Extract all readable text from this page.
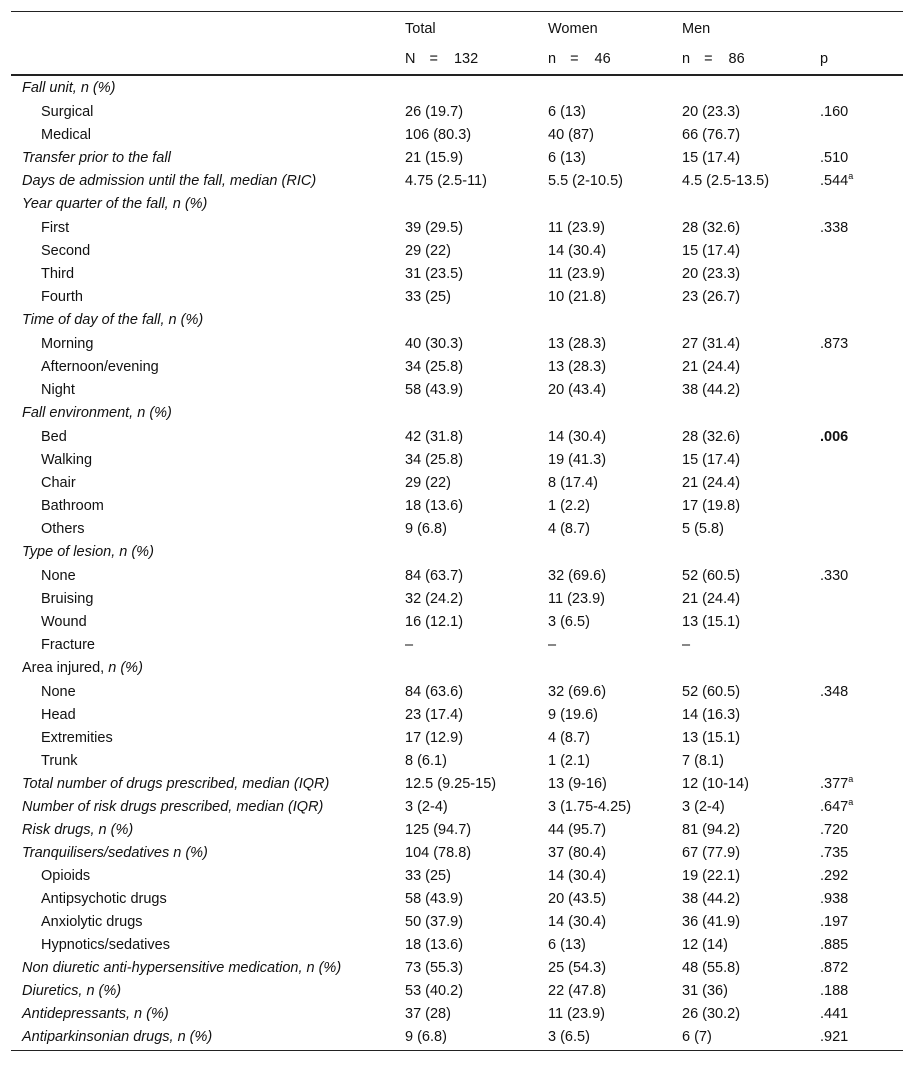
	Total	Women	Men	
	N = 132	n = 46	n = 86	p
Fall unit, n (%)				
Surgical	26 (19.7)	6 (13)	20 (23.3)	.160
Medical	106 (80.3)	40 (87)	66 (76.7)	
Transfer prior to the fall	21 (15.9)	6 (13)	15 (17.4)	.510
Days de admission until the fall, median (RIC)	4.75 (2.5-11)	5.5 (2-10.5)	4.5 (2.5-13.5)	.544$^a$
Year quarter of the fall, n (%)				
First	39 (29.5)	11 (23.9)	28 (32.6)	.338
Second	29 (22)	14 (30.4)	15 (17.4)	
Third	31 (23.5)	11 (23.9)	20 (23.3)	
Fourth	33 (25)	10 (21.8)	23 (26.7)	
Time of day of the fall, n (%)				
Morning	40 (30.3)	13 (28.3)	27 (31.4)	.873
Afternoon/evening	34 (25.8)	13 (28.3)	21 (24.4)	
Night	58 (43.9)	20 (43.4)	38 (44.2)	
Fall environment, n (%)				
Bed	42 (31.8)	14 (30.4)	28 (32.6)	.006
Walking	34 (25.8)	19 (41.3)	15 (17.4)	
Chair	29 (22)	8 (17.4)	21 (24.4)	
Bathroom	18 (13.6)	1 (2.2)	17 (19.8)	
Others	9 (6.8)	4 (8.7)	5 (5.8)	
Type of lesion, n (%)				
None	84 (63.7)	32 (69.6)	52 (60.5)	.330
Bruising	32 (24.2)	11 (23.9)	21 (24.4)	
Wound	16 (12.1)	3 (6.5)	13 (15.1)	
Fracture	–	–	–	
Area injured, n (%)				
None	84 (63.6)	32 (69.6)	52 (60.5)	.348
Head	23 (17.4)	9 (19.6)	14 (16.3)	
Extremities	17 (12.9)	4 (8.7)	13 (15.1)	
Trunk	8 (6.1)	1 (2.1)	7 (8.1)	
Total number of drugs prescribed, median (IQR)	12.5 (9.25-15)	13 (9-16)	12 (10-14)	.377$^a$
Number of risk drugs prescribed, median (IQR)	3 (2-4)	3 (1.75-4.25)	3 (2-4)	.647$^a$
Risk drugs, n (%)	125 (94.7)	44 (95.7)	81 (94.2)	.720
Tranquilisers/sedatives n (%)	104 (78.8)	37 (80.4)	67 (77.9)	.735
Opioids	33 (25)	14 (30.4)	19 (22.1)	.292
Antipsychotic drugs	58 (43.9)	20 (43.5)	38 (44.2)	.938
Anxiolytic drugs	50 (37.9)	14 (30.4)	36 (41.9)	.197
Hypnotics/sedatives	18 (13.6)	6 (13)	12 (14)	.885
Non diuretic anti-hypersensitive medication, n (%)	73 (55.3)	25 (54.3)	48 (55.8)	.872
Diuretics, n (%)	53 (40.2)	22 (47.8)	31 (36)	.188
Antidepressants, n (%)	37 (28)	11 (23.9)	26 (30.2)	.441
Antiparkinsonian drugs, n (%)	9 (6.8)	3 (6.5)	6 (7)	.921
